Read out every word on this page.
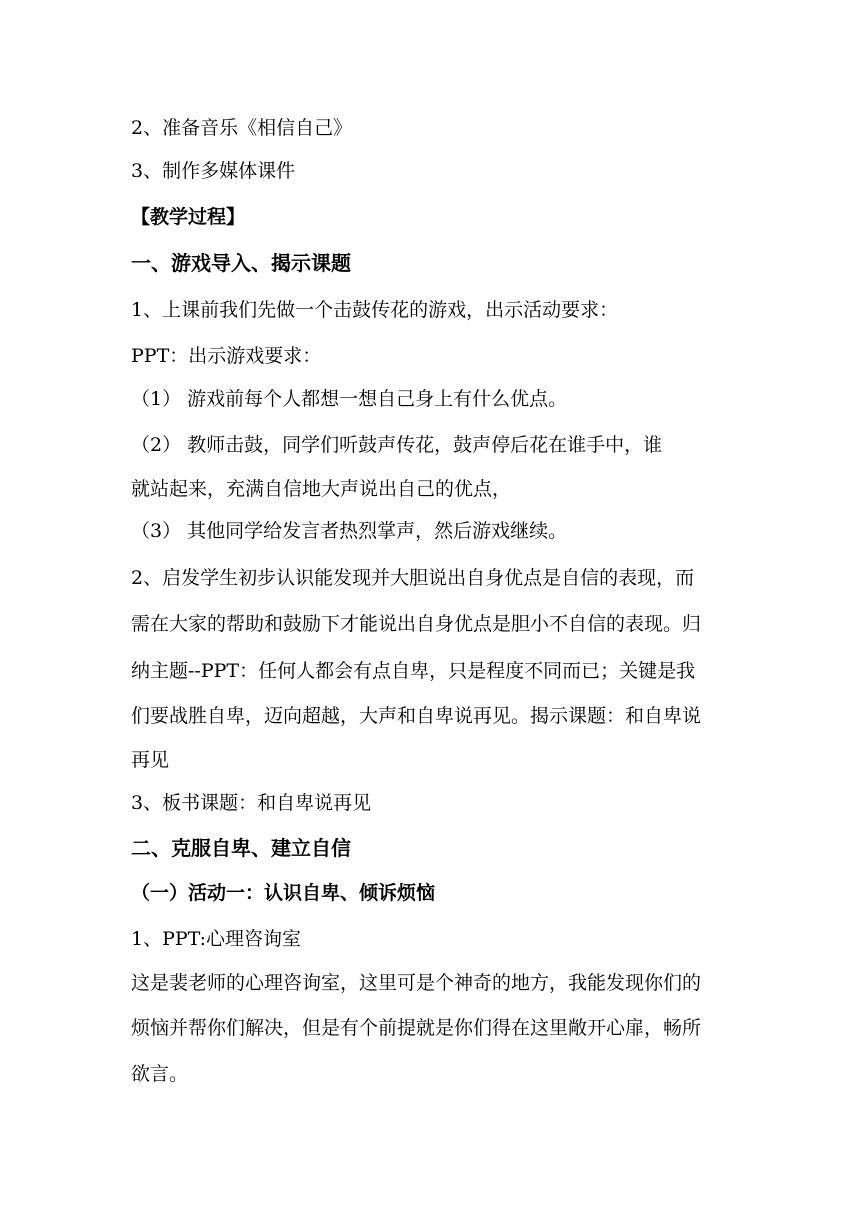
2、准备音乐《相信自己》
3、制作多媒体课件
【教学过程】
一、游戏导入、揭示课题
1、上课前我们先做一个击鼓传花的游戏，出示活动要求：
PPT：出示游戏要求：
（1） 游戏前每个人都想一想自己身上有什么优点。
（2） 教师击鼓，同学们听鼓声传花，鼓声停后花在谁手中，谁
就站起来，充满自信地大声说出自己的优点，
（3） 其他同学给发言者热烈掌声，然后游戏继续。
2、启发学生初步认识能发现并大胆说出自身优点是自信的表现，而
需在大家的帮助和鼓励下才能说出自身优点是胆小不自信的表现。归
纳主题--PPT：任何人都会有点自卑，只是程度不同而已；关键是我
们要战胜自卑，迈向超越，大声和自卑说再见。揭示课题：和自卑说
再见
3、板书课题：和自卑说再见
二、克服自卑、建立自信
（一）活动一：认识自卑、倾诉烦恼
1、PPT:心理咨询室
这是裴老师的心理咨询室，这里可是个神奇的地方，我能发现你们的
烦恼并帮你们解决，但是有个前提就是你们得在这里敞开心扉，畅所
欲言。
